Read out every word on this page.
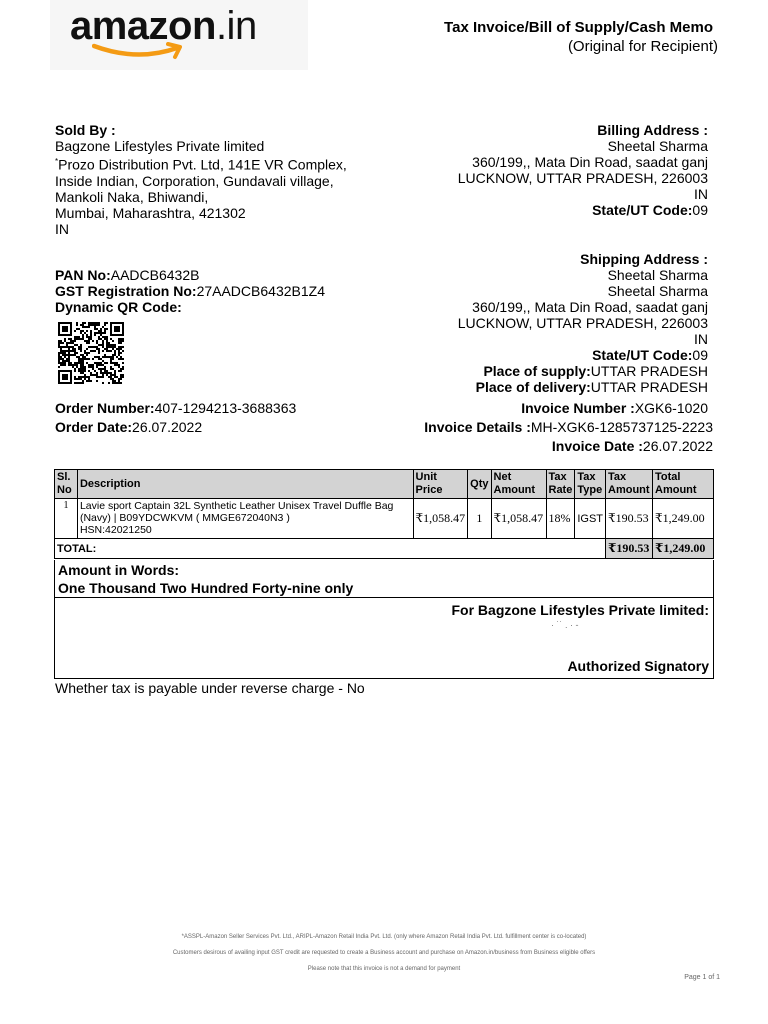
amazon.in	Tax Invoice/Bill of Supply/Cash Memo
(Original for Recipient)
Sold By :
Bagzone Lifestyles Private limited
*Prozo Distribution Pvt. Ltd, 141E VR Complex,
Inside Indian, Corporation, Gundavali village,
Mankoli Naka, Bhiwandi,
Mumbai, Maharashtra, 421302
IN
PAN No:AADCB6432B
GST Registration No:27AADCB6432B1Z4
Dynamic QR Code:
Billing Address :
Sheetal Sharma
360/199,, Mata Din Road, saadat ganj
LUCKNOW, UTTAR PRADESH, 226003
IN
State/UT Code:09
Shipping Address :
Sheetal Sharma
Sheetal Sharma
360/199,, Mata Din Road, saadat ganj
LUCKNOW, UTTAR PRADESH, 226003
IN
State/UT Code:09
Place of supply:UTTAR PRADESH
Place of delivery:UTTAR PRADESH
Order Number:407-1294213-3688363
Order Date:26.07.2022
Invoice Number :XGK6-1020
Invoice Details :MH-XGK6-1285737125-2223
Invoice Date :26.07.2022
Sl. No	Description	Unit Price	Qty	Net Amount	Tax Rate	Tax Type	Tax Amount	Total Amount
1	Lavie sport Captain 32L Synthetic Leather Unisex Travel Duffle Bag (Navy) | B09YDCWKVM ( MMGE672040N3 )
HSN:42021250	₹1,058.47	1	₹1,058.47	18%	IGST	₹190.53	₹1,249.00
TOTAL:							₹190.53	₹1,249.00
Amount in Words:
One Thousand Two Hundred Forty-nine only
For Bagzone Lifestyles Private limited:
· ˙˙ . · -
Authorized Signatory
Whether tax is payable under reverse charge - No
*ASSPL-Amazon Seller Services Pvt. Ltd., ARIPL-Amazon Retail India Pvt. Ltd. (only where Amazon Retail India Pvt. Ltd. fulfillment center is co-located)
Customers desirous of availing input GST credit are requested to create a Business account and purchase on Amazon.in/business from Business eligible offers
Please note that this invoice is not a demand for payment
Page 1 of 1
